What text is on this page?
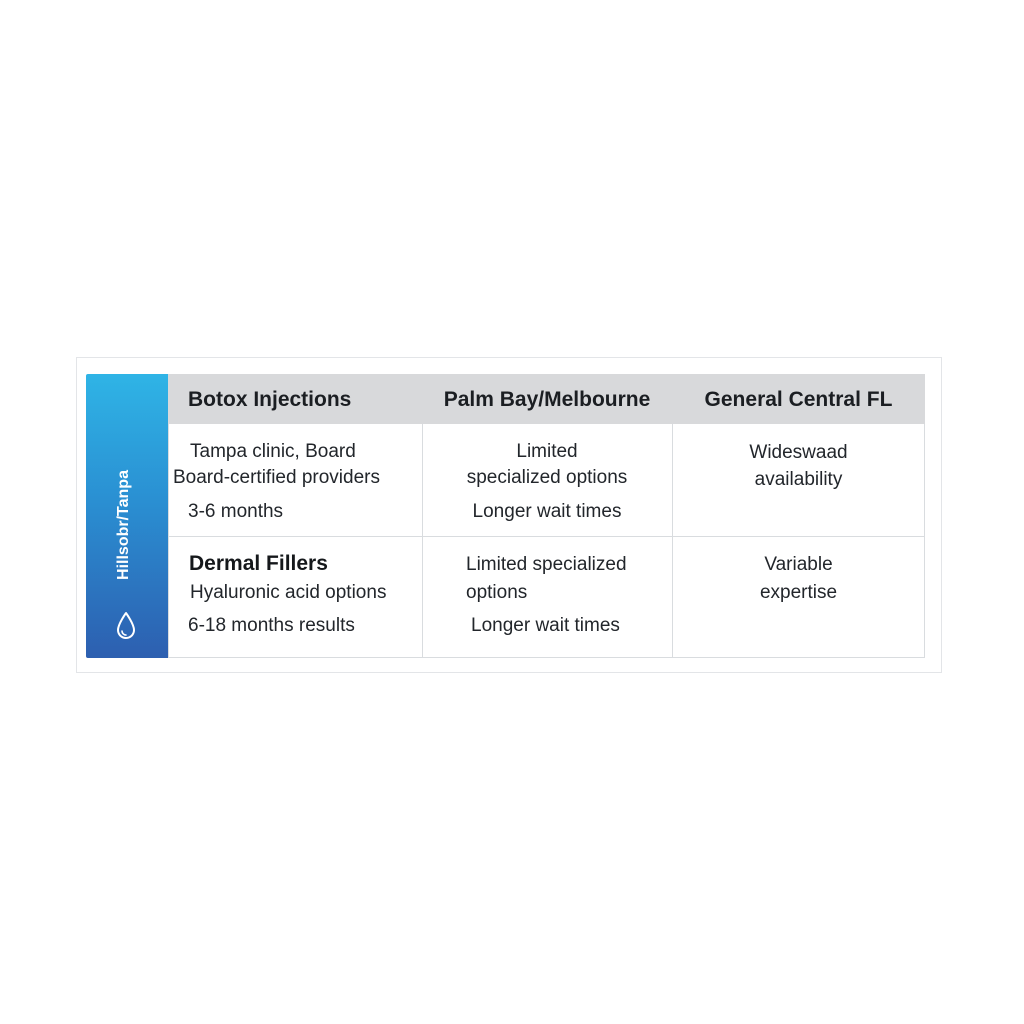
Hillsobr/Tanpa
Botox Injections	Palm Bay/Melbourne	General Central FL
Tampa clinic, Board
Board-certified providers
3-6 months
Limited
specialized options
Longer wait times
Wideswaad
availability
Dermal Fillers
Hyaluronic acid options
6-18 months results
Limited specialized
options
Longer wait times
Variable
expertise
